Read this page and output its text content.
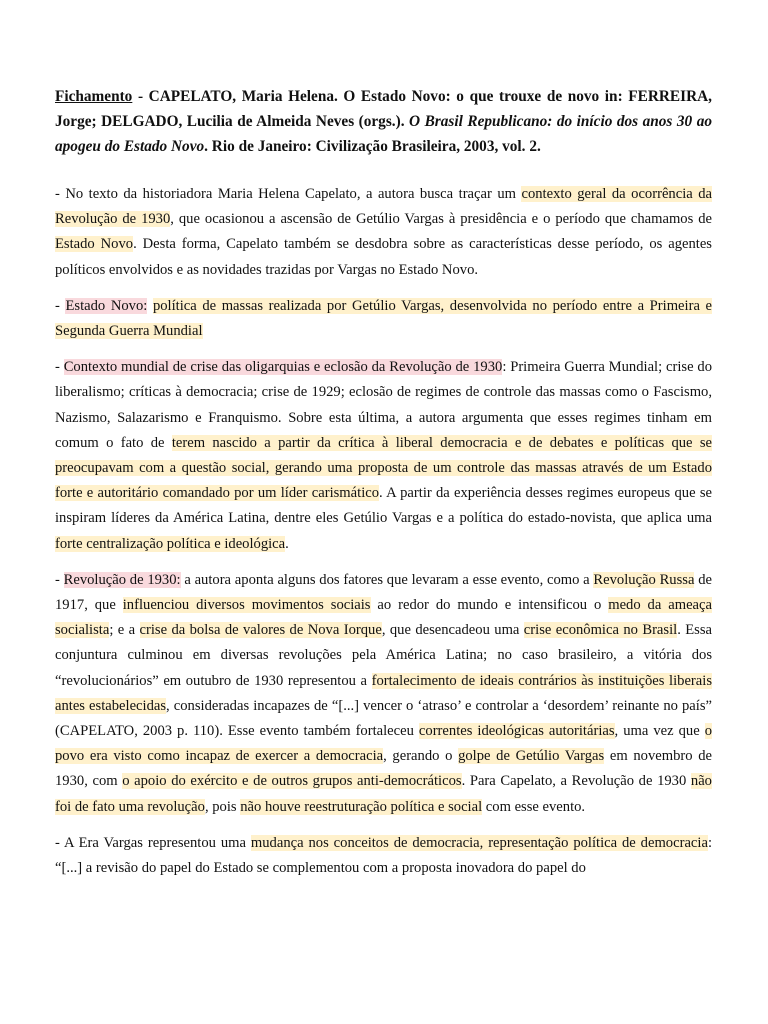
Fichamento - CAPELATO, Maria Helena. O Estado Novo: o que trouxe de novo in: FERREIRA, Jorge; DELGADO, Lucilia de Almeida Neves (orgs.). O Brasil Republicano: do início dos anos 30 ao apogeu do Estado Novo. Rio de Janeiro: Civilização Brasileira, 2003, vol. 2.

- No texto da historiadora Maria Helena Capelato, a autora busca traçar um contexto geral da ocorrência da Revolução de 1930, que ocasionou a ascensão de Getúlio Vargas à presidência e o período que chamamos de Estado Novo. Desta forma, Capelato também se desdobra sobre as características desse período, os agentes políticos envolvidos e as novidades trazidas por Vargas no Estado Novo.

- Estado Novo: política de massas realizada por Getúlio Vargas, desenvolvida no período entre a Primeira e Segunda Guerra Mundial

- Contexto mundial de crise das oligarquias e eclosão da Revolução de 1930: Primeira Guerra Mundial; crise do liberalismo; críticas à democracia; crise de 1929; eclosão de regimes de controle das massas como o Fascismo, Nazismo, Salazarismo e Franquismo. Sobre esta última, a autora argumenta que esses regimes tinham em comum o fato de terem nascido a partir da crítica à liberal democracia e de debates e políticas que se preocupavam com a questão social, gerando uma proposta de um controle das massas através de um Estado forte e autoritário comandado por um líder carismático. A partir da experiência desses regimes europeus que se inspiram líderes da América Latina, dentre eles Getúlio Vargas e a política do estado-novista, que aplica uma forte centralização política e ideológica.

- Revolução de 1930: a autora aponta alguns dos fatores que levaram a esse evento, como a Revolução Russa de 1917, que influenciou diversos movimentos sociais ao redor do mundo e intensificou o medo da ameaça socialista; e a crise da bolsa de valores de Nova Iorque, que desencadeou uma crise econômica no Brasil. Essa conjuntura culminou em diversas revoluções pela América Latina; no caso brasileiro, a vitória dos “revolucionários” em outubro de 1930 representou a fortalecimento de ideais contrários às instituições liberais antes estabelecidas, consideradas incapazes de “[...] vencer o ‘atraso’ e controlar a ‘desordem’ reinante no país” (CAPELATO, 2003 p. 110). Esse evento também fortaleceu correntes ideológicas autoritárias, uma vez que o povo era visto como incapaz de exercer a democracia, gerando o golpe de Getúlio Vargas em novembro de 1930, com o apoio do exército e de outros grupos anti-democráticos. Para Capelato, a Revolução de 1930 não foi de fato uma revolução, pois não houve reestruturação política e social com esse evento.

- A Era Vargas representou uma mudança nos conceitos de democracia, representação política de democracia: “[...] a revisão do papel do Estado se complementou com a proposta inovadora do papel do
